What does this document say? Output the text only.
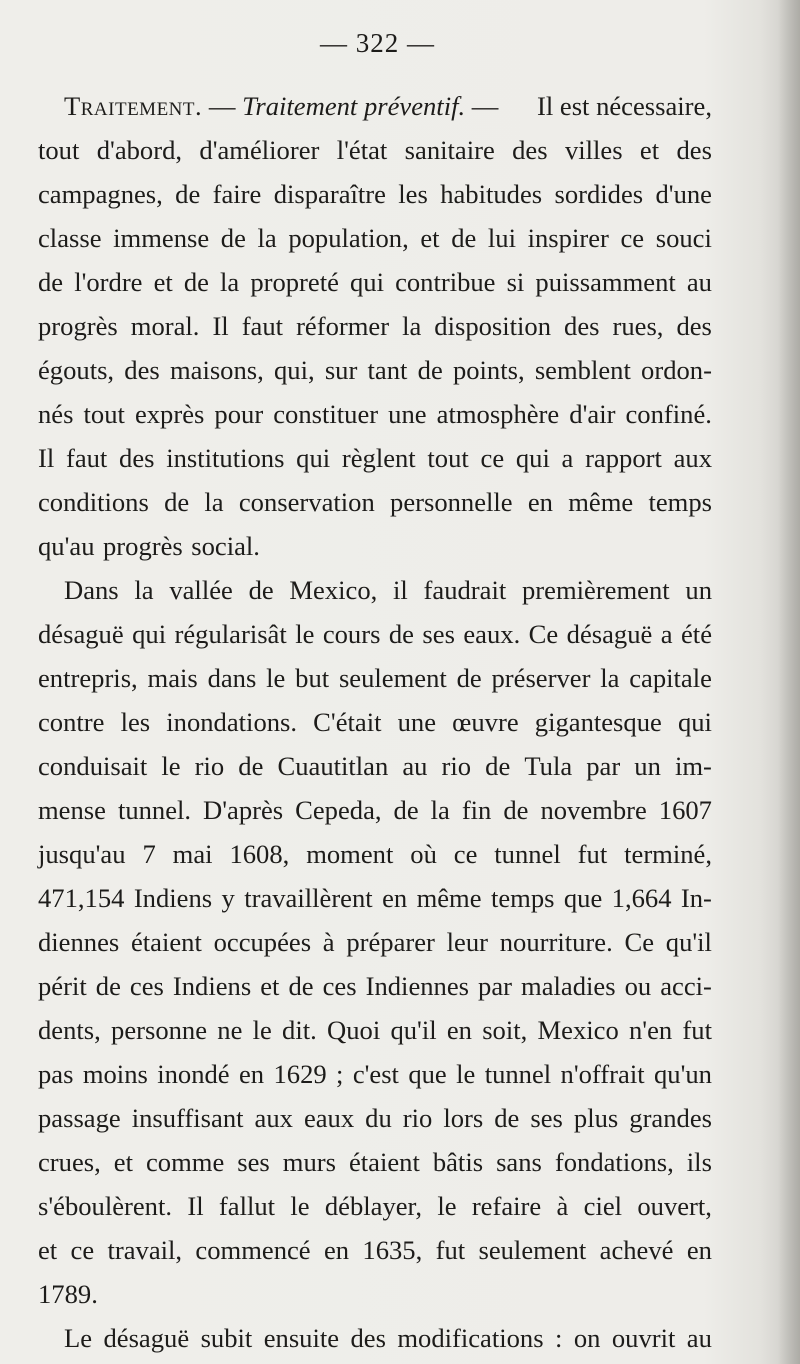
— 322 —
Traitement. — Traitement préventif. — Il est nécessaire,
tout d'abord, d'améliorer l'état sanitaire des villes et des
campagnes, de faire disparaître les habitudes sordides d'une
classe immense de la population, et de lui inspirer ce souci
de l'ordre et de la propreté qui contribue si puissamment au
progrès moral. Il faut réformer la disposition des rues, des
égouts, des maisons, qui, sur tant de points, semblent ordon-
nés tout exprès pour constituer une atmosphère d'air confiné.
Il faut des institutions qui règlent tout ce qui a rapport aux
conditions de la conservation personnelle en même temps
qu'au progrès social.
Dans la vallée de Mexico, il faudrait premièrement un
désaguë qui régularisât le cours de ses eaux. Ce désaguë a été
entrepris, mais dans le but seulement de préserver la capitale
contre les inondations. C'était une œuvre gigantesque qui
conduisait le rio de Cuautitlan au rio de Tula par un im-
mense tunnel. D'après Cepeda, de la fin de novembre 1607
jusqu'au 7 mai 1608, moment où ce tunnel fut terminé,
471,154 Indiens y travaillèrent en même temps que 1,664 In-
diennes étaient occupées à préparer leur nourriture. Ce qu'il
périt de ces Indiens et de ces Indiennes par maladies ou acci-
dents, personne ne le dit. Quoi qu'il en soit, Mexico n'en fut
pas moins inondé en 1629 ; c'est que le tunnel n'offrait qu'un
passage insuffisant aux eaux du rio lors de ses plus grandes
crues, et comme ses murs étaient bâtis sans fondations, ils
s'éboulèrent. Il fallut le déblayer, le refaire à ciel ouvert,
et ce travail, commencé en 1635, fut seulement achevé en
1789.
Le désaguë subit ensuite des modifications : on ouvrit au
